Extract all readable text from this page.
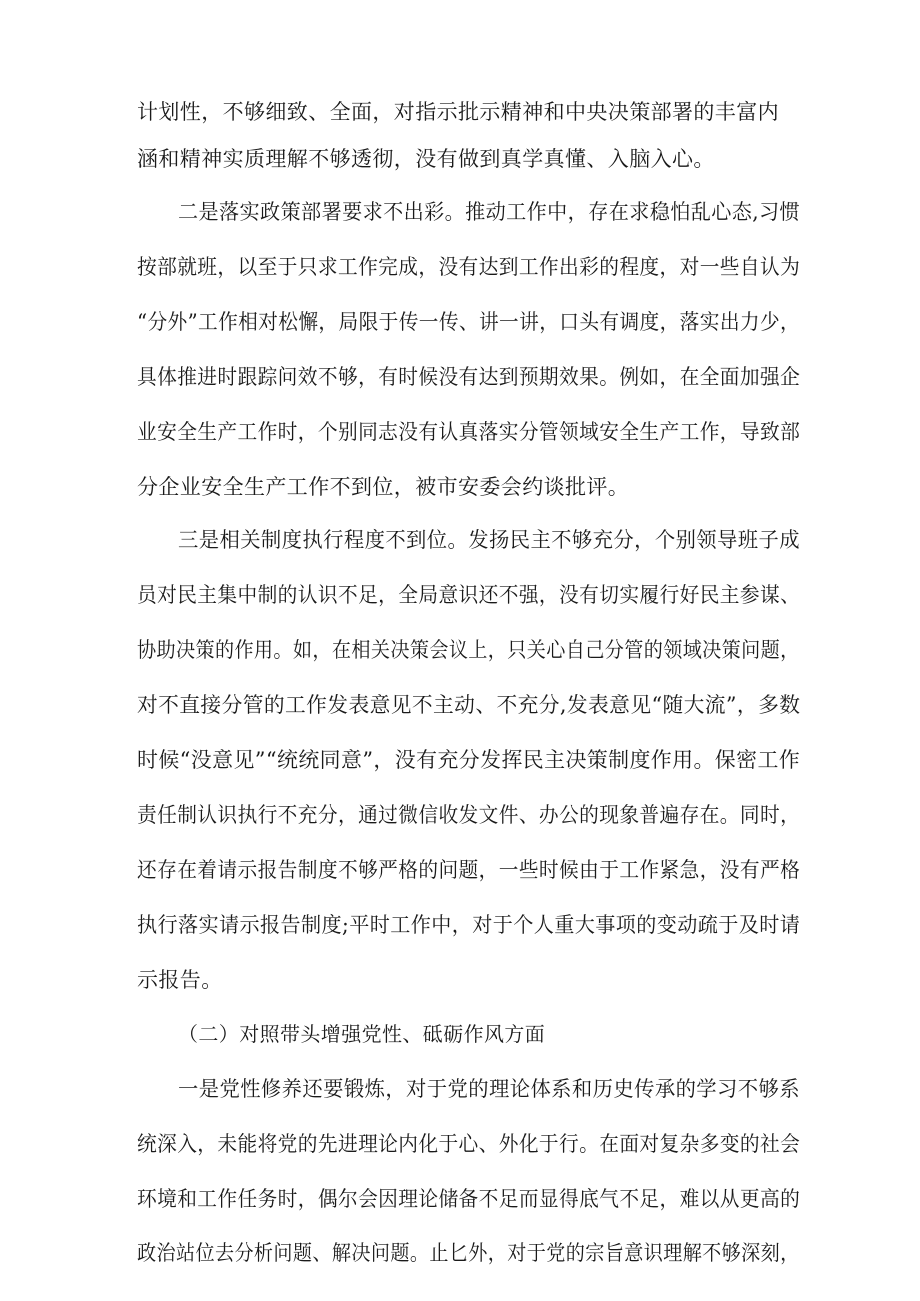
计划性，不够细致、全面，对指示批示精神和中央决策部署的丰富内
涵和精神实质理解不够透彻，没有做到真学真懂、入脑入心。
二是落实政策部署要求不出彩。推动工作中，存在求稳怕乱心态,习惯
按部就班，以至于只求工作完成，没有达到工作出彩的程度，对一些自认为
“分外”工作相对松懈，局限于传一传、讲一讲，口头有调度，落实出力少，
具体推进时跟踪问效不够，有时候没有达到预期效果。例如，在全面加强企
业安全生产工作时，个别同志没有认真落实分管领域安全生产工作，导致部
分企业安全生产工作不到位，被市安委会约谈批评。
三是相关制度执行程度不到位。发扬民主不够充分，个别领导班子成
员对民主集中制的认识不足，全局意识还不强，没有切实履行好民主参谋、
协助决策的作用。如，在相关决策会议上，只关心自己分管的领域决策问题，
对不直接分管的工作发表意见不主动、不充分,发表意见“随大流”，多数
时候“没意见”“统统同意”，没有充分发挥民主决策制度作用。保密工作
责任制认识执行不充分，通过微信收发文件、办公的现象普遍存在。同时，
还存在着请示报告制度不够严格的问题，一些时候由于工作紧急，没有严格
执行落实请示报告制度;平时工作中，对于个人重大事项的变动疏于及时请
示报告。
（二）对照带头增强党性、砥砺作风方面
一是党性修养还要锻炼，对于党的理论体系和历史传承的学习不够系
统深入，未能将党的先进理论内化于心、外化于行。在面对复杂多变的社会
环境和工作任务时，偶尔会因理论储备不足而显得底气不足，难以从更高的
政治站位去分析问题、解决问题。止匕外，对于党的宗旨意识理解不够深刻，
